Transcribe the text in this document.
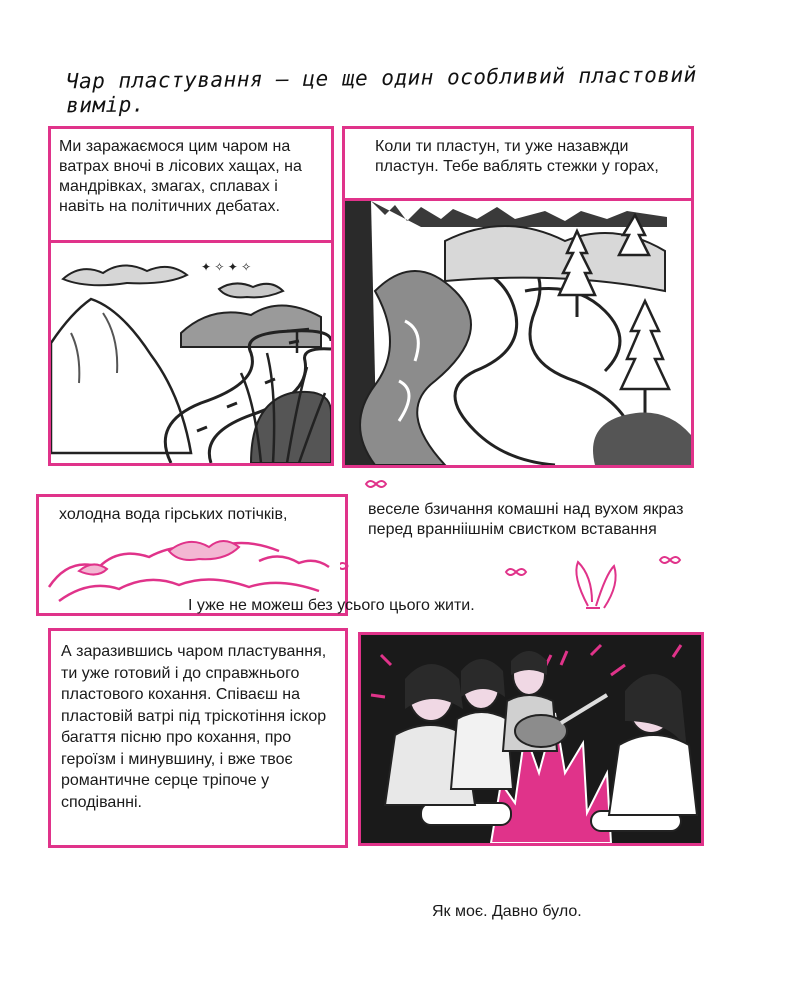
Чар пластування – це ще один особливий пластовий вимір.
Ми заражаємося цим чаром на ватрах вночі в лісових хащах, на мандрівках, змагах, сплавах і навіть на політичних дебатах.
✦ ✧ ✦ ✧
Коли ти пластун, ти уже назавжди пластун. Тебе ваблять стежки у горах,
холодна вода гірських потічків,	веселе бзичання комашні над вухом якраз перед вранніішнім свистком вставання
І уже не можеш без усього цього жити.
А заразившись чаром пластування, ти уже готовий і до справжнього пластового кохання. Співаєш на пластовій ватрі під тріскотіння іскор багаття пісню про кохання, про героїзм і минувшину, і вже твоє романтичне серце тріпоче у сподіванні.
Як моє. Давно було.
